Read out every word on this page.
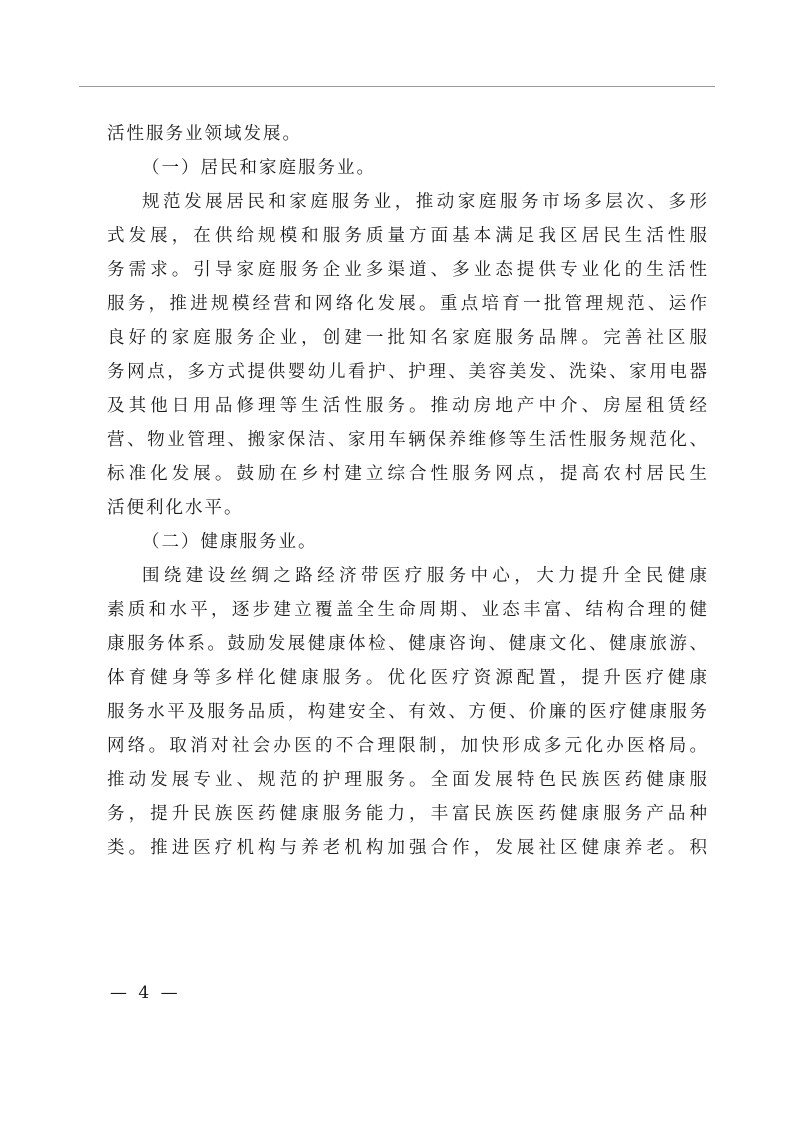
活性服务业领域发展。
（一）居民和家庭服务业。
规范发展居民和家庭服务业，推动家庭服务市场多层次、多形
式发展，在供给规模和服务质量方面基本满足我区居民生活性服
务需求。引导家庭服务企业多渠道、多业态提供专业化的生活性
服务，推进规模经营和网络化发展。重点培育一批管理规范、运作
良好的家庭服务企业，创建一批知名家庭服务品牌。完善社区服
务网点，多方式提供婴幼儿看护、护理、美容美发、洗染、家用电器
及其他日用品修理等生活性服务。推动房地产中介、房屋租赁经
营、物业管理、搬家保洁、家用车辆保养维修等生活性服务规范化、
标准化发展。鼓励在乡村建立综合性服务网点，提高农村居民生
活便利化水平。
（二）健康服务业。
围绕建设丝绸之路经济带医疗服务中心，大力提升全民健康
素质和水平，逐步建立覆盖全生命周期、业态丰富、结构合理的健
康服务体系。鼓励发展健康体检、健康咨询、健康文化、健康旅游、
体育健身等多样化健康服务。优化医疗资源配置，提升医疗健康
服务水平及服务品质，构建安全、有效、方便、价廉的医疗健康服务
网络。取消对社会办医的不合理限制，加快形成多元化办医格局。
推动发展专业、规范的护理服务。全面发展特色民族医药健康服
务，提升民族医药健康服务能力，丰富民族医药健康服务产品种
类。推进医疗机构与养老机构加强合作，发展社区健康养老。积
— 4 —
